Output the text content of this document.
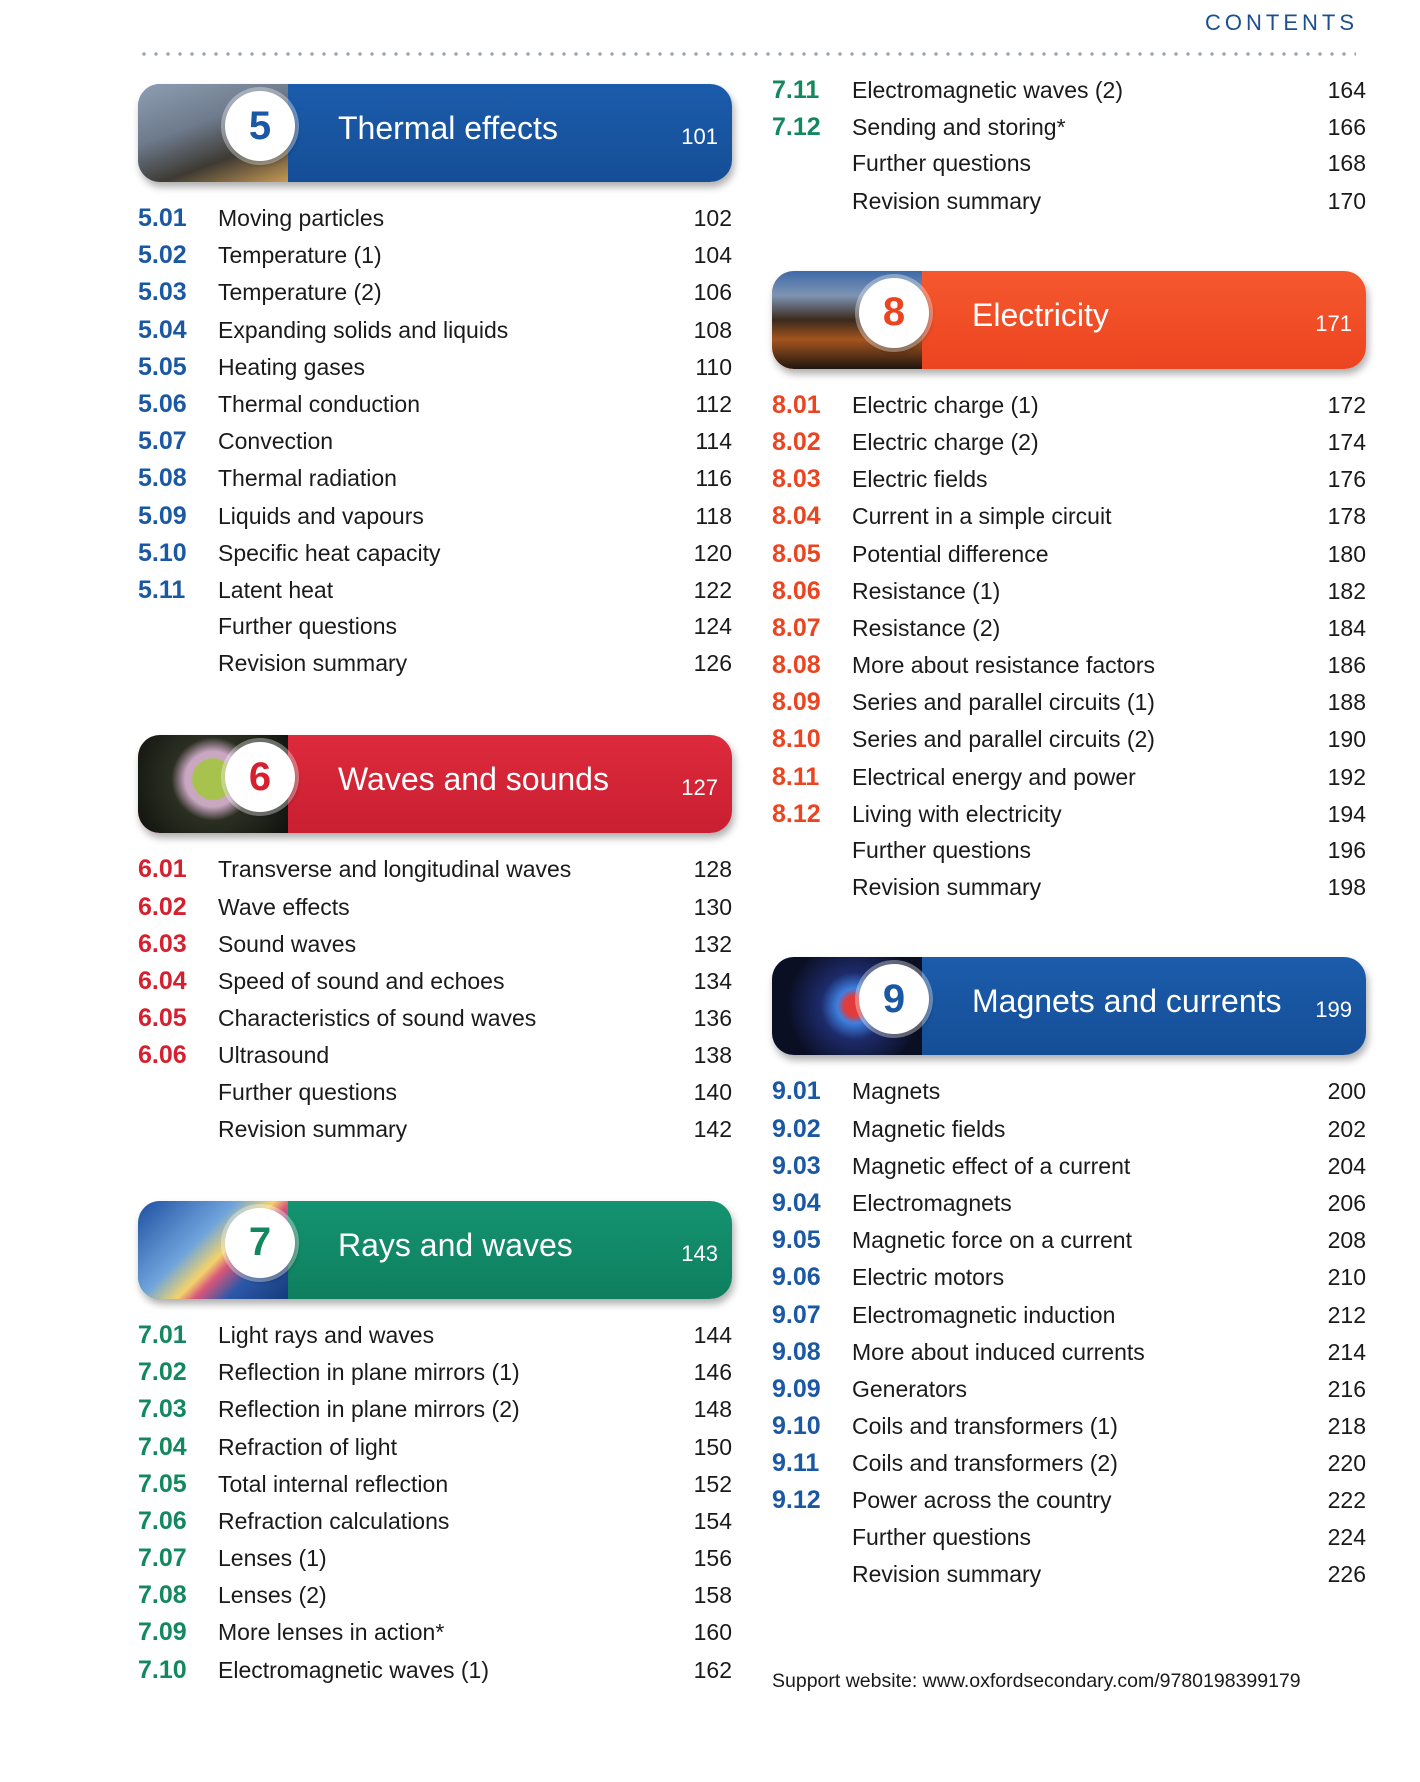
CONTENTS
5	Thermal effects	101
5.01	Moving particles	102
5.02	Temperature (1)	104
5.03	Temperature (2)	106
5.04	Expanding solids and liquids	108
5.05	Heating gases	110
5.06	Thermal conduction	112
5.07	Convection	114
5.08	Thermal radiation	116
5.09	Liquids and vapours	118
5.10	Specific heat capacity	120
5.11	Latent heat	122
Further questions	124
Revision summary	126
6	Waves and sounds	127
6.01	Transverse and longitudinal waves	128
6.02	Wave effects	130
6.03	Sound waves	132
6.04	Speed of sound and echoes	134
6.05	Characteristics of sound waves	136
6.06	Ultrasound	138
Further questions	140
Revision summary	142
7	Rays and waves	143
7.01	Light rays and waves	144
7.02	Reflection in plane mirrors (1)	146
7.03	Reflection in plane mirrors (2)	148
7.04	Refraction of light	150
7.05	Total internal reflection	152
7.06	Refraction calculations	154
7.07	Lenses (1)	156
7.08	Lenses (2)	158
7.09	More lenses in action*	160
7.10	Electromagnetic waves (1)	162
7.11	Electromagnetic waves (2)	164
7.12	Sending and storing*	166
Further questions	168
Revision summary	170
8	Electricity	171
8.01	Electric charge (1)	172
8.02	Electric charge (2)	174
8.03	Electric fields	176
8.04	Current in a simple circuit	178
8.05	Potential difference	180
8.06	Resistance (1)	182
8.07	Resistance (2)	184
8.08	More about resistance factors	186
8.09	Series and parallel circuits (1)	188
8.10	Series and parallel circuits (2)	190
8.11	Electrical energy and power	192
8.12	Living with electricity	194
Further questions	196
Revision summary	198
9	Magnets and currents 199
9.01	Magnets	200
9.02	Magnetic fields	202
9.03	Magnetic effect of a current	204
9.04	Electromagnets	206
9.05	Magnetic force on a current	208
9.06	Electric motors	210
9.07	Electromagnetic induction	212
9.08	More about induced currents	214
9.09	Generators	216
9.10	Coils and transformers (1)	218
9.11	Coils and transformers (2)	220
9.12	Power across the country	222
Further questions	224
Revision summary	226
Support website: www.oxfordsecondary.com/9780198399179
